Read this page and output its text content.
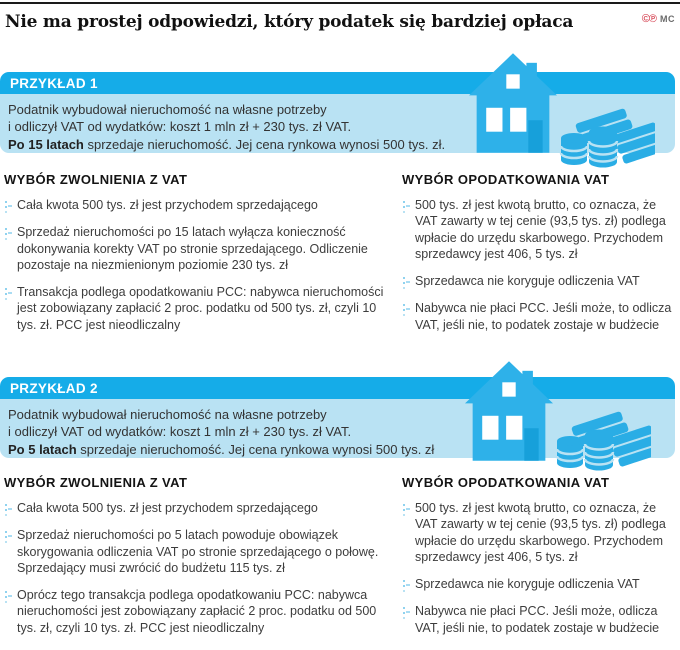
Nie ma prostej odpowiedzi, który podatek się bardziej opłaca	©℗ MC
PRZYKŁAD 1
Podatnik wybudował nieruchomość na własne potrzeby
i odliczył VAT od wydatków: koszt 1 mln zł + 230 tys. zł VAT.
Po 15 latach sprzedaje nieruchomość. Jej cena rynkowa wynosi 500 tys. zł.
WYBÓR ZWOLNIENIA Z VAT
Cała kwota 500 tys. zł jest przychodem sprzedającego
Sprzedaż nieruchomości po 15 latach wyłącza konieczność dokonywania korekty VAT po stronie sprzedającego. Odliczenie pozostaje na niezmienionym poziomie 230 tys. zł
Transakcja podlega opodatkowaniu PCC: nabywca nieruchomości jest zobowiązany zapłacić 2 proc. podatku od 500 tys. zł, czyli 10 tys. zł. PCC jest nieodliczalny
WYBÓR OPODATKOWANIA VAT
500 tys. zł jest kwotą brutto, co oznacza, że VAT zawarty w tej cenie (93,5 tys. zł) podlega wpłacie do urzędu skarbowego. Przychodem sprzedawcy jest 406, 5 tys. zł
Sprzedawca nie koryguje odliczenia VAT
Nabywca nie płaci PCC. Jeśli może, to odlicza VAT, jeśli nie, to podatek zostaje w budżecie
PRZYKŁAD 2
Podatnik wybudował nieruchomość na własne potrzeby
i odliczył VAT od wydatków: koszt 1 mln zł + 230 tys. zł VAT.
Po 5 latach sprzedaje nieruchomość. Jej cena rynkowa wynosi 500 tys. zł
WYBÓR ZWOLNIENIA Z VAT
Cała kwota 500 tys. zł jest przychodem sprzedającego
Sprzedaż nieruchomości po 5 latach powoduje obowiązek skorygowania odliczenia VAT po stronie sprzedającego o połowę. Sprzedający musi zwrócić do budżetu 115 tys. zł
Oprócz tego transakcja podlega opodatkowaniu PCC: nabywca nieruchomości jest zobowiązany zapłacić 2 proc. podatku od 500 tys. zł, czyli 10 tys. zł. PCC jest nieodliczalny
WYBÓR OPODATKOWANIA VAT
500 tys. zł jest kwotą brutto, co oznacza, że VAT zawarty w tej cenie (93,5 tys. zł) podlega wpłacie do urzędu skarbowego. Przychodem sprzedawcy jest 406, 5 tys. zł
Sprzedawca nie koryguje odliczenia VAT
Nabywca nie płaci PCC. Jeśli może, odlicza VAT, jeśli nie, to podatek zostaje w budżecie
